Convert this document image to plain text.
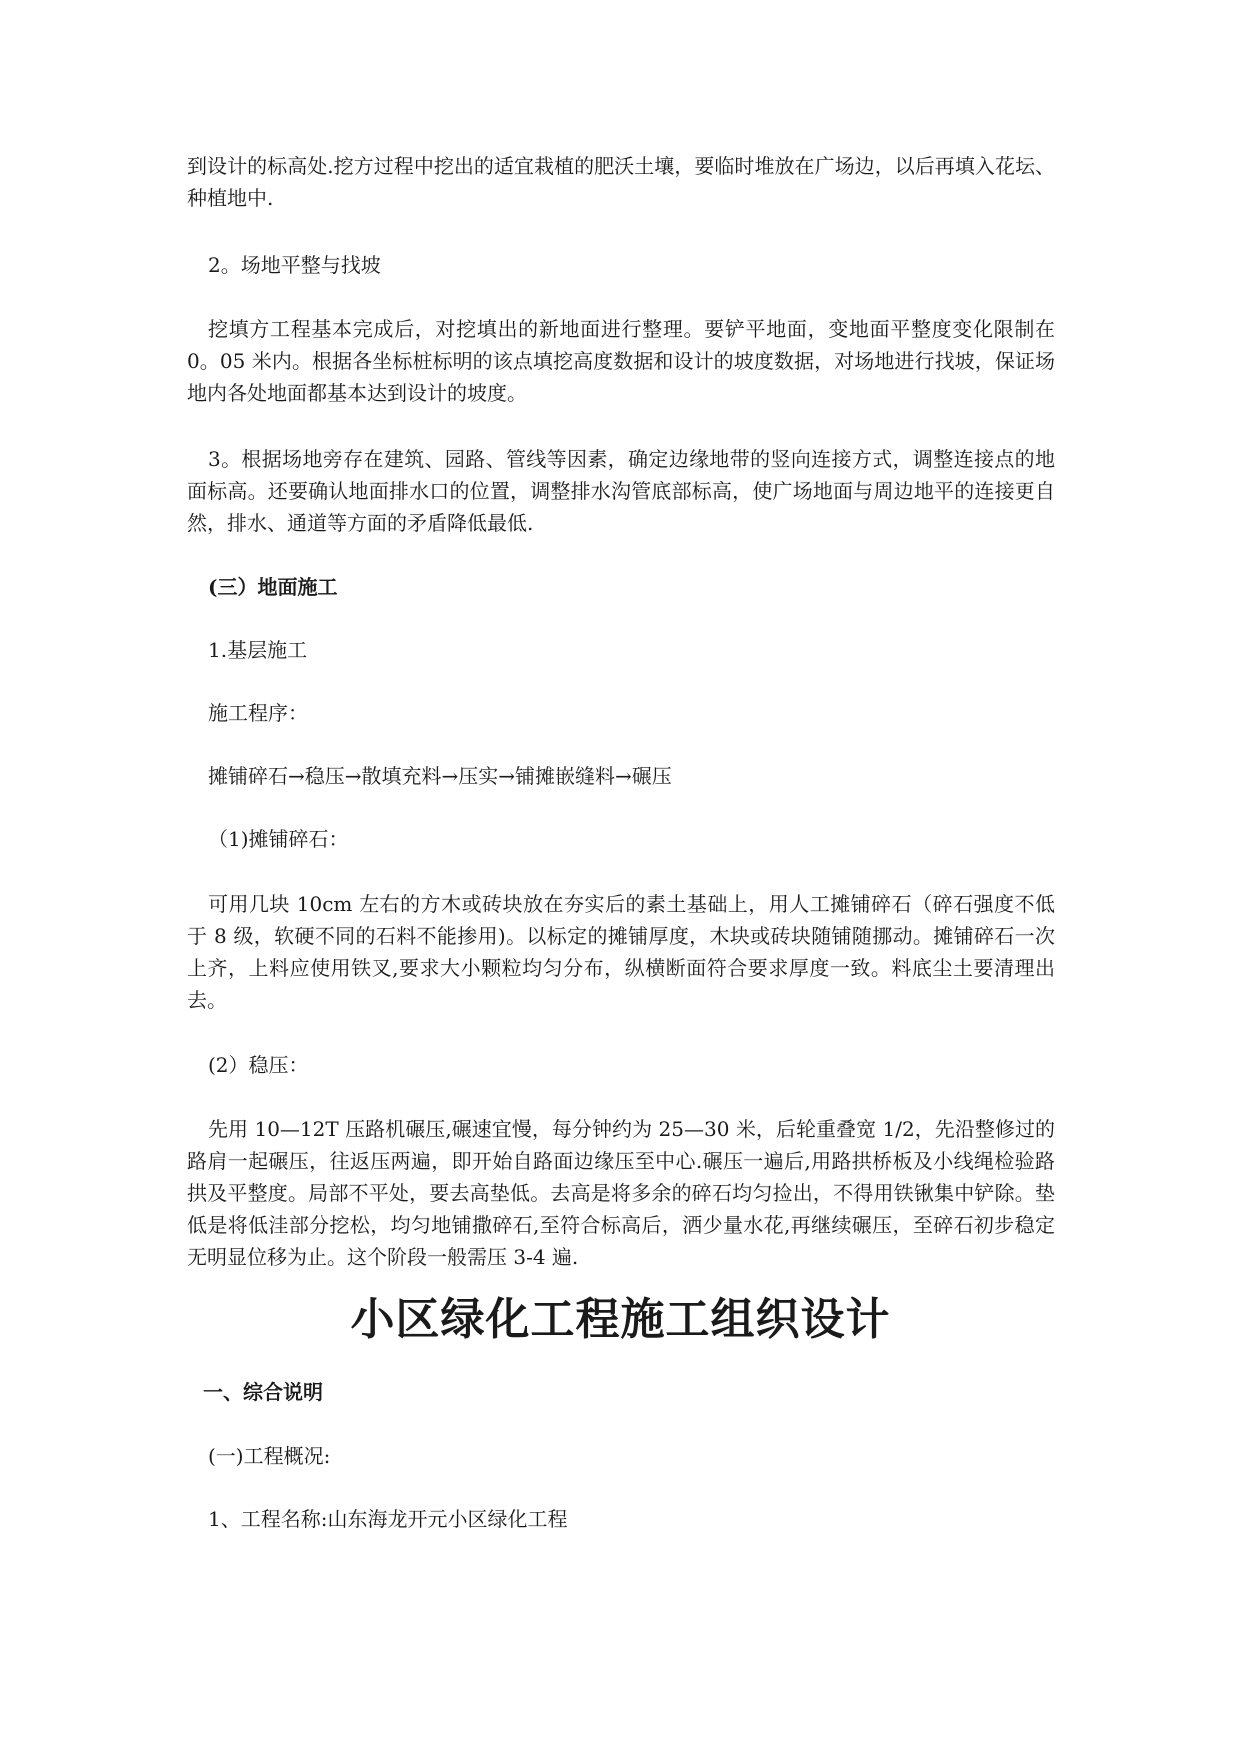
到设计的标高处.挖方过程中挖出的适宜栽植的肥沃土壤，要临时堆放在广场边，以后再填入花坛、种植地中.

2。场地平整与找坡

挖填方工程基本完成后，对挖填出的新地面进行整理。要铲平地面，变地面平整度变化限制在 0。05 米内。根据各坐标桩标明的该点填挖高度数据和设计的坡度数据，对场地进行找坡，保证场地内各处地面都基本达到设计的坡度。

3。根据场地旁存在建筑、园路、管线等因素，确定边缘地带的竖向连接方式，调整连接点的地面标高。还要确认地面排水口的位置，调整排水沟管底部标高，使广场地面与周边地平的连接更自然，排水、通道等方面的矛盾降低最低.

(三）地面施工

1.基层施工

施工程序：

摊铺碎石→稳压→散填充料→压实→铺摊嵌缝料→碾压

（1)摊铺碎石：

可用几块 10cm 左右的方木或砖块放在夯实后的素土基础上，用人工摊铺碎石（碎石强度不低于 8 级，软硬不同的石料不能掺用)。以标定的摊铺厚度，木块或砖块随铺随挪动。摊铺碎石一次上齐，上料应使用铁叉,要求大小颗粒均匀分布，纵横断面符合要求厚度一致。料底尘土要清理出去。

(2）稳压：

先用 10—12T 压路机碾压,碾速宜慢，每分钟约为 25—30 米，后轮重叠宽 1/2，先沿整修过的路肩一起碾压，往返压两遍，即开始自路面边缘压至中心.碾压一遍后,用路拱桥板及小线绳检验路拱及平整度。局部不平处，要去高垫低。去高是将多余的碎石均匀捡出，不得用铁锹集中铲除。垫低是将低洼部分挖松，均匀地铺撒碎石,至符合标高后，洒少量水花,再继续碾压，至碎石初步稳定无明显位移为止。这个阶段一般需压 3-4 遍.

小区绿化工程施工组织设计

一、综合说明

(一)工程概况:

1、工程名称:山东海龙开元小区绿化工程
